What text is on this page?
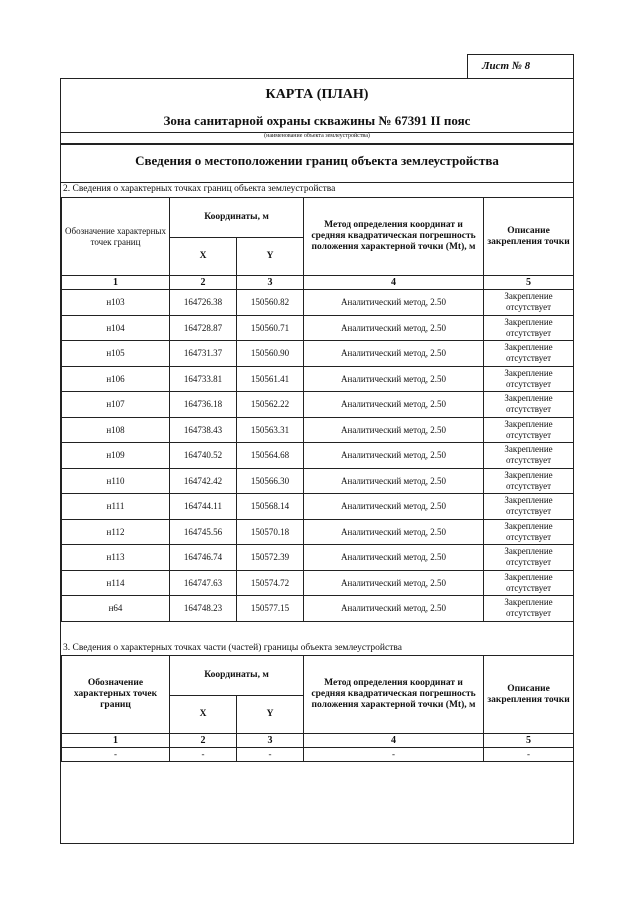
Лист № 8
КАРТА (ПЛАН)
Зона санитарной охраны скважины № 67391 II пояс
(наименование объекта землеустройства)
Сведения о местоположении границ объекта землеустройства
2. Сведения о характерных точках границ объекта землеустройства
Обозначение характерных точек границ	Координаты, м		Метод определения координат и средняя квадратическая погрешность положения характерной точки (Mt), м	Описание закрепления точки
	X	Y		
1	2	3	4	5
н103	164726.38	150560.82	Аналитический метод, 2.50	Закрепление отсутствует
н104	164728.87	150560.71	Аналитический метод, 2.50	Закрепление отсутствует
н105	164731.37	150560.90	Аналитический метод, 2.50	Закрепление отсутствует
н106	164733.81	150561.41	Аналитический метод, 2.50	Закрепление отсутствует
н107	164736.18	150562.22	Аналитический метод, 2.50	Закрепление отсутствует
н108	164738.43	150563.31	Аналитический метод, 2.50	Закрепление отсутствует
н109	164740.52	150564.68	Аналитический метод, 2.50	Закрепление отсутствует
н110	164742.42	150566.30	Аналитический метод, 2.50	Закрепление отсутствует
н111	164744.11	150568.14	Аналитический метод, 2.50	Закрепление отсутствует
н112	164745.56	150570.18	Аналитический метод, 2.50	Закрепление отсутствует
н113	164746.74	150572.39	Аналитический метод, 2.50	Закрепление отсутствует
н114	164747.63	150574.72	Аналитический метод, 2.50	Закрепление отсутствует
н64	164748.23	150577.15	Аналитический метод, 2.50	Закрепление отсутствует
3. Сведения о характерных точках части (частей) границы объекта землеустройства
Обозначение характерных точек границ	Координаты, м		Метод определения координат и средняя квадратическая погрешность положения характерной точки (Mt), м	Описание закрепления точки
	X	Y		
1	2	3	4	5
-	-	-	-	-
